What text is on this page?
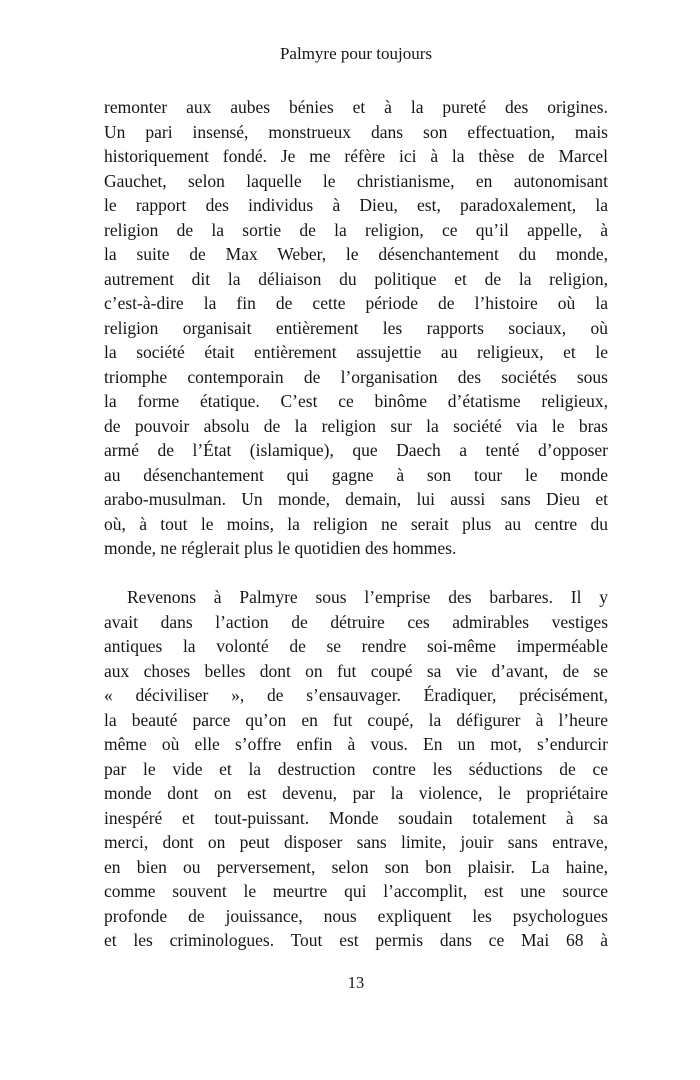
Palmyre pour toujours
remonter aux aubes bénies et à la pureté des origines.
Un pari insensé, monstrueux dans son effectuation, mais
historiquement fondé. Je me réfère ici à la thèse de Marcel
Gauchet, selon laquelle le christianisme, en autonomisant
le rapport des individus à Dieu, est, paradoxalement, la
religion de la sortie de la religion, ce qu’il appelle, à
la suite de Max Weber, le désenchantement du monde,
autrement dit la déliaison du politique et de la religion,
c’est-à-dire la fin de cette période de l’histoire où la
religion organisait entièrement les rapports sociaux, où
la société était entièrement assujettie au religieux, et le
triomphe contemporain de l’organisation des sociétés sous
la forme étatique. C’est ce binôme d’étatisme religieux,
de pouvoir absolu de la religion sur la société via le bras
armé de l’État (islamique), que Daech a tenté d’opposer
au désenchantement qui gagne à son tour le monde
arabo-musulman. Un monde, demain, lui aussi sans Dieu et
où, à tout le moins, la religion ne serait plus au centre du
monde, ne réglerait plus le quotidien des hommes.
Revenons à Palmyre sous l’emprise des barbares. Il y
avait dans l’action de détruire ces admirables vestiges
antiques la volonté de se rendre soi-même imperméable
aux choses belles dont on fut coupé sa vie d’avant, de se
« déciviliser », de s’ensauvager. Éradiquer, précisément,
la beauté parce qu’on en fut coupé, la défigurer à l’heure
même où elle s’offre enfin à vous. En un mot, s’endurcir
par le vide et la destruction contre les séductions de ce
monde dont on est devenu, par la violence, le propriétaire
inespéré et tout-puissant. Monde soudain totalement à sa
merci, dont on peut disposer sans limite, jouir sans entrave,
en bien ou perversement, selon son bon plaisir. La haine,
comme souvent le meurtre qui l’accomplit, est une source
profonde de jouissance, nous expliquent les psychologues
et les criminologues. Tout est permis dans ce Mai 68 à
13
